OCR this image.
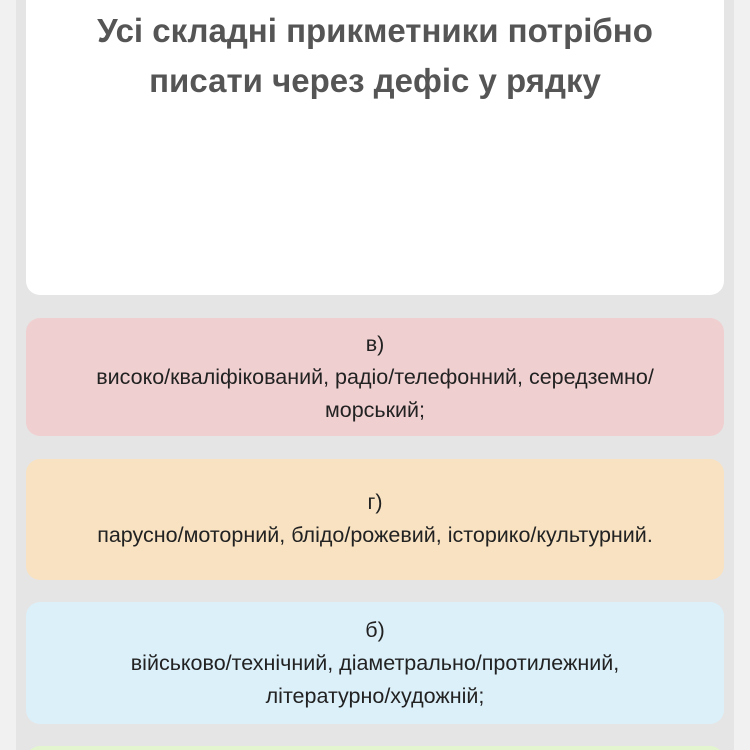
Усі складні прикметники потрібно
писати через дефіс у рядку
в)
високо/кваліфікований, радіо/телефонний, середземно/
морський;
г)
парусно/моторний, блідо/рожевий, історико/культурний.
б)
військово/технічний, діаметрально/протилежний,
літературно/художній;
